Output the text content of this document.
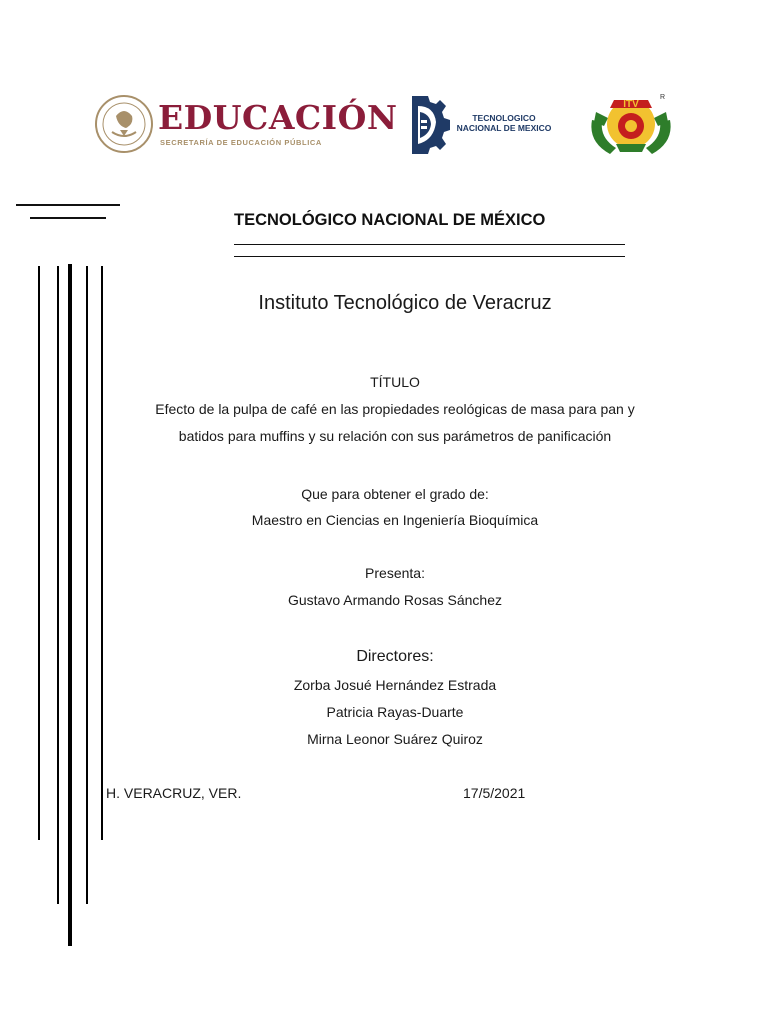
EDUCACIÓN
SECRETARÍA DE EDUCACIÓN PÚBLICA
TECNOLOGICO
NACIONAL DE MEXICO
ITV
R
TECNOLÓGICO NACIONAL DE MÉXICO
Instituto Tecnológico de Veracruz
TÍTULO
Efecto de la pulpa de café en las propiedades reológicas de masa para pan y
batidos para muffins y su relación con sus parámetros de panificación
Que para obtener el grado de:
Maestro en Ciencias en Ingeniería Bioquímica
Presenta:
Gustavo Armando Rosas Sánchez
Directores:
Zorba Josué Hernández Estrada
Patricia Rayas-Duarte
Mirna Leonor Suárez Quiroz
H. VERACRUZ, VER.	17/5/2021
